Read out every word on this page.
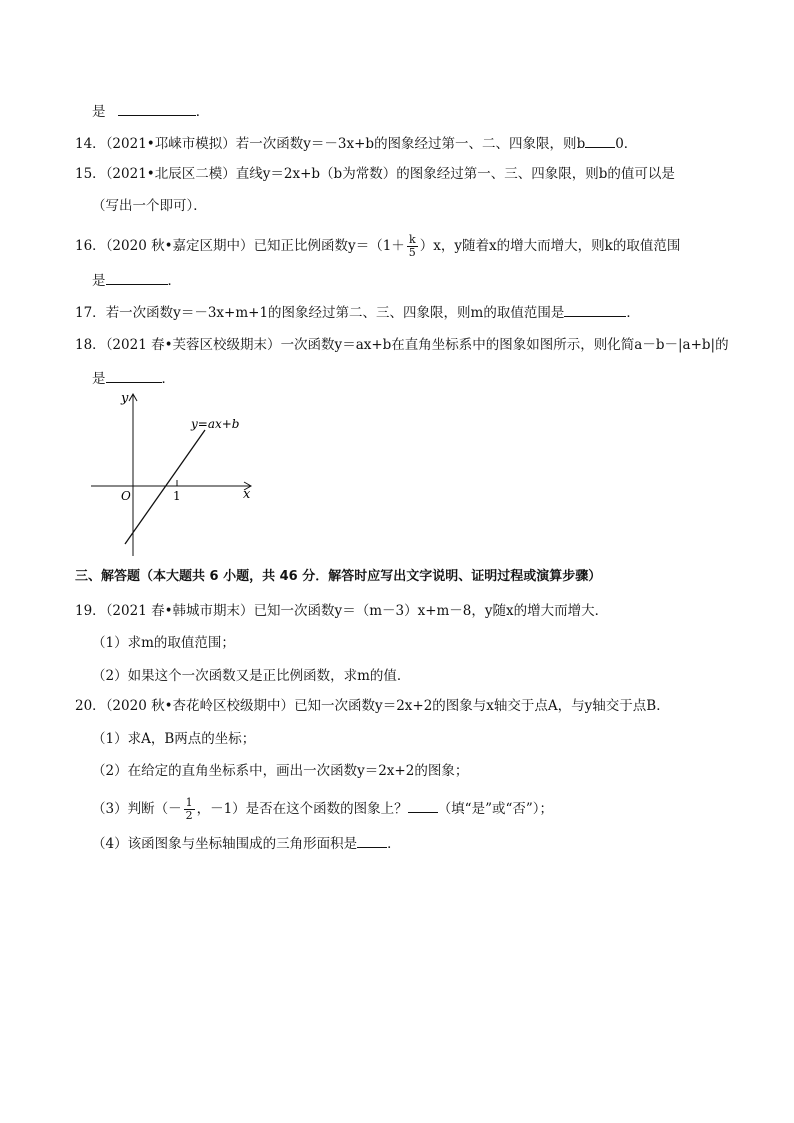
是	．
14．（2021•邛崃市模拟）若一次函数y＝－3x+b的图象经过第一、二、四象限，则b 0．
15．（2021•北辰区二模）直线y＝2x+b（b为常数）的图象经过第一、三、四象限，则b的值可以是
（写出一个即可）．
16．（2020 秋•嘉定区期中）已知正比例函数$y=(1+ \frac{k}{5} )x$，y随着x的增大而增大，则k的取值范围
是	．
17．若一次函数y＝－3x+m+1的图象经过第二、三、四象限，则m的取值范围是	．
18．（2021 春•芙蓉区校级期末）一次函数y＝ax+b在直角坐标系中的图象如图所示，则化简a－b－|a+b|的
是	．
y
x
O	1
y=ax+b
三、解答题（本大题共 6 小题，共 46 分．解答时应写出文字说明、证明过程或演算步骤）
19．（2021 春•韩城市期末）已知一次函数y＝（m－3）x+m－8，y随x的增大而增大．
（1）求m的取值范围；
（2）如果这个一次函数又是正比例函数，求m的值．
20．（2020 秋•杏花岭区校级期中）已知一次函数y＝2x+2的图象与x轴交于点A，与y轴交于点B．
（1）求A，B两点的坐标；
（2）在给定的直角坐标系中，画出一次函数y＝2x+2的图象；
（3）判断（－ $\frac{1}{2}$ ，－1）是否在这个函数的图象上？ （填“是”或“否”）；
（4）该函图象与坐标轴围成的三角形面积是 ．
